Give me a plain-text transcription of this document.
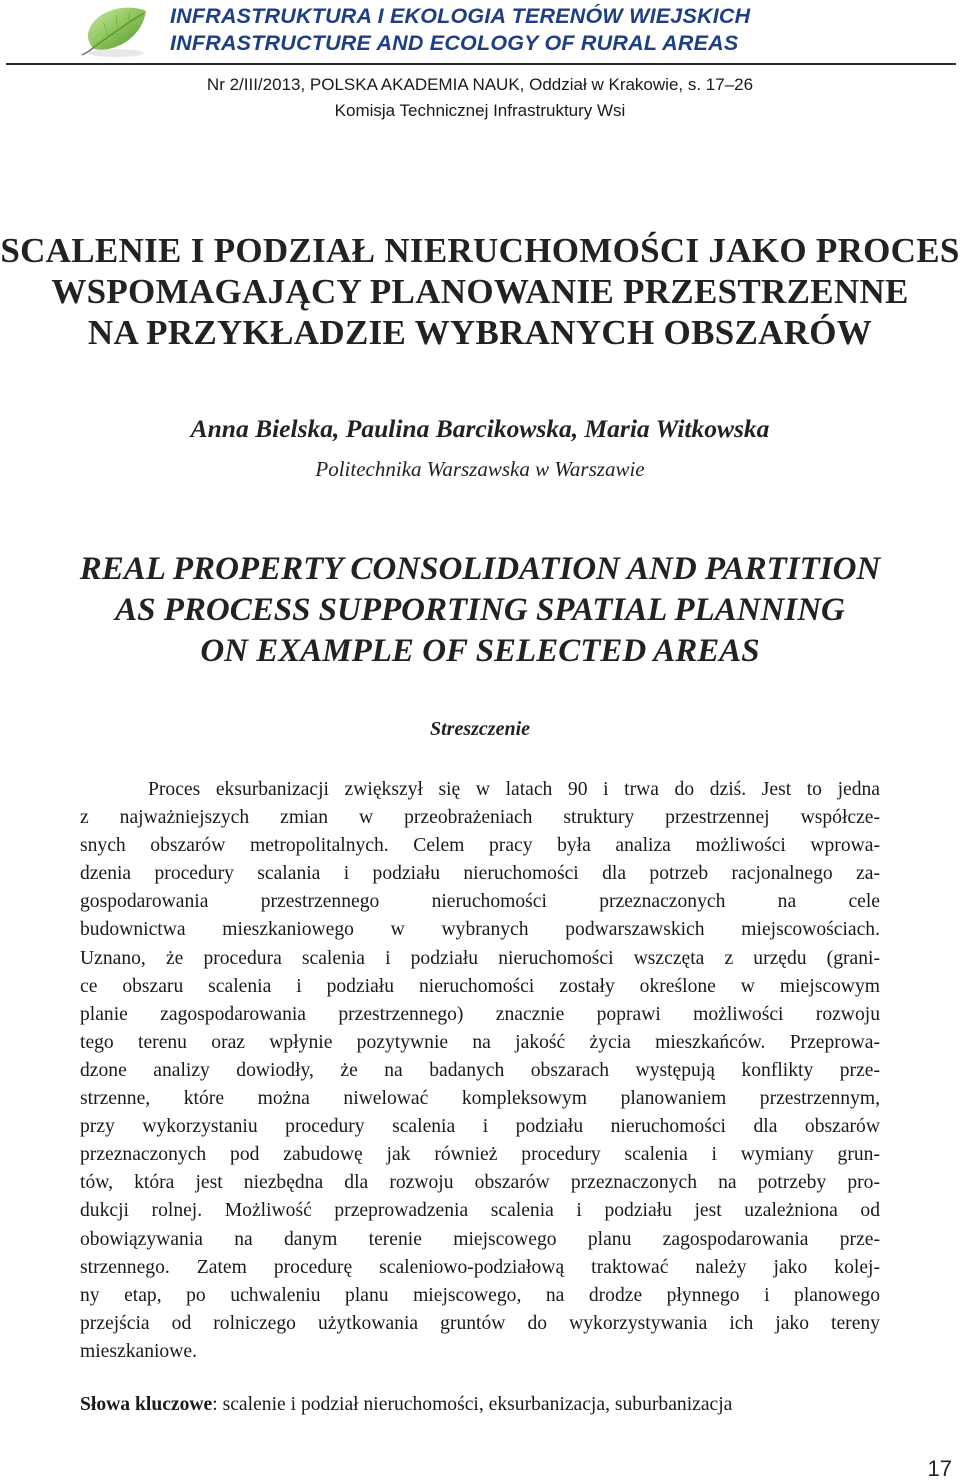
INFRASTRUKTURA I EKOLOGIA TERENÓW WIEJSKICH
INFRASTRUCTURE AND ECOLOGY OF RURAL AREAS
Nr 2/III/2013, POLSKA AKADEMIA NAUK, Oddział w Krakowie, s. 17–26
Komisja Technicznej Infrastruktury Wsi
SCALENIE I PODZIAŁ NIERUCHOMOŚCI JAKO PROCES
WSPOMAGAJĄCY PLANOWANIE PRZESTRZENNE
NA PRZYKŁADZIE WYBRANYCH OBSZARÓW
Anna Bielska, Paulina Barcikowska, Maria Witkowska
Politechnika Warszawska w Warszawie
REAL PROPERTY CONSOLIDATION AND PARTITION
AS PROCESS SUPPORTING SPATIAL PLANNING
ON EXAMPLE OF SELECTED AREAS
Streszczenie
Proces eksurbanizacji zwiększył się w latach 90 i trwa do dziś. Jest to jedna
z najważniejszych zmian w przeobrażeniach struktury przestrzennej współcze-
snych obszarów metropolitalnych. Celem pracy była analiza możliwości wprowa-
dzenia procedury scalania i podziału nieruchomości dla potrzeb racjonalnego za-
gospodarowania przestrzennego nieruchomości przeznaczonych na cele
budownictwa mieszkaniowego w wybranych podwarszawskich miejscowościach.
Uznano, że procedura scalenia i podziału nieruchomości wszczęta z urzędu (grani-
ce obszaru scalenia i podziału nieruchomości zostały określone w miejscowym
planie zagospodarowania przestrzennego) znacznie poprawi możliwości rozwoju
tego terenu oraz wpłynie pozytywnie na jakość życia mieszkańców. Przeprowa-
dzone analizy dowiodły, że na badanych obszarach występują konflikty prze-
strzenne, które można niwelować kompleksowym planowaniem przestrzennym,
przy wykorzystaniu procedury scalenia i podziału nieruchomości dla obszarów
przeznaczonych pod zabudowę jak również procedury scalenia i wymiany grun-
tów, która jest niezbędna dla rozwoju obszarów przeznaczonych na potrzeby pro-
dukcji rolnej. Możliwość przeprowadzenia scalenia i podziału jest uzależniona od
obowiązywania na danym terenie miejscowego planu zagospodarowania prze-
strzennego. Zatem procedurę scaleniowo-podziałową traktować należy jako kolej-
ny etap, po uchwaleniu planu miejscowego, na drodze płynnego i planowego
przejścia od rolniczego użytkowania gruntów do wykorzystywania ich jako tereny
mieszkaniowe.
Słowa kluczowe: scalenie i podział nieruchomości, eksurbanizacja, suburbanizacja
17
